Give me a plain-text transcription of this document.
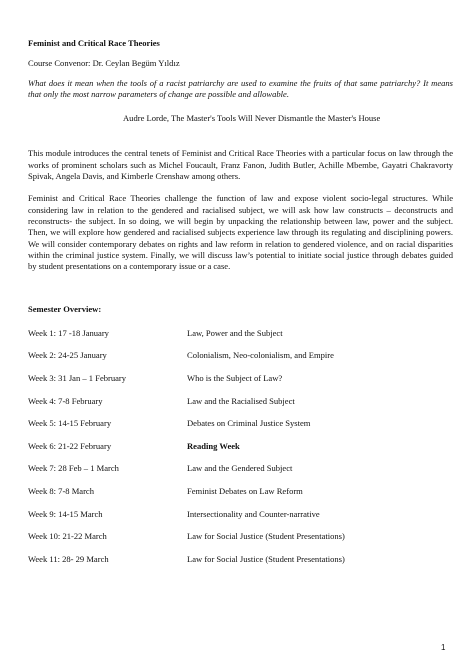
Feminist and Critical Race Theories
Course Convenor: Dr. Ceylan Begüm Yıldız
What does it mean when the tools of a racist patriarchy are used to examine the fruits of that same patriarchy? It means that only the most narrow parameters of change are possible and allowable.
Audre Lorde, The Master's Tools Will Never Dismantle the Master's House
This module introduces the central tenets of Feminist and Critical Race Theories with a particular focus on law through the works of prominent scholars such as Michel Foucault, Franz Fanon, Judith Butler, Achille Mbembe, Gayatri Chakravorty Spivak, Angela Davis, and Kimberle Crenshaw among others.
Feminist and Critical Race Theories challenge the function of law and expose violent socio-legal structures. While considering law in relation to the gendered and racialised subject, we will ask how law constructs – deconstructs and reconstructs- the subject. In so doing, we will begin by unpacking the relationship between law, power and the subject. Then, we will explore how gendered and racialised subjects experience law through its regulating and disciplining powers. We will consider contemporary debates on rights and law reform in relation to gendered violence, and on racial disparities within the criminal justice system. Finally, we will discuss law’s potential to initiate social justice through debates guided by student presentations on a contemporary issue or a case.
Semester Overview:
Week 1: 17 -18 January	Law, Power and the Subject
Week 2: 24-25 January	Colonialism, Neo-colonialism, and Empire
Week 3: 31 Jan – 1 February	Who is the Subject of Law?
Week 4: 7-8 February	Law and the Racialised Subject
Week 5: 14-15 February	Debates on Criminal Justice System
Week 6: 21-22 February	Reading Week
Week 7: 28 Feb – 1 March	Law and the Gendered Subject
Week 8: 7-8 March	Feminist Debates on Law Reform
Week 9: 14-15 March	Intersectionality and Counter-narrative
Week 10: 21-22 March	Law for Social Justice (Student Presentations)
Week 11: 28- 29 March	Law for Social Justice (Student Presentations)
1
